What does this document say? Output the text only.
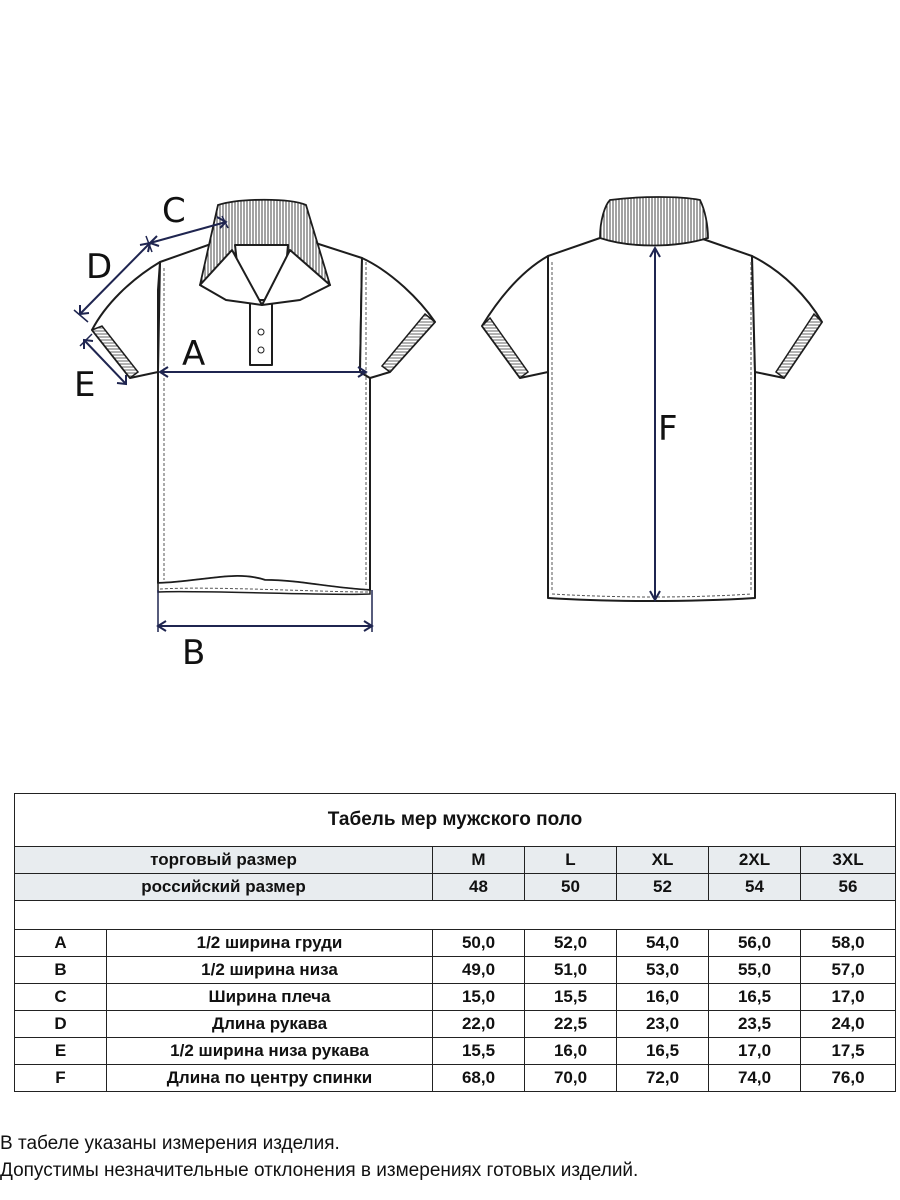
A
B
C
D
E
F
Табель мер мужского поло						
торговый размер		M	L	XL	2XL	3XL
российский размер		48	50	52	54	56

A	1/2 ширина груди	50,0	52,0	54,0	56,0	58,0
B	1/2 ширина низа	49,0	51,0	53,0	55,0	57,0
C	Ширина плеча	15,0	15,5	16,0	16,5	17,0
D	Длина рукава	22,0	22,5	23,0	23,5	24,0
E	1/2 ширина низа рукава	15,5	16,0	16,5	17,0	17,5
F	Длина по центру спинки	68,0	70,0	72,0	74,0	76,0
В табеле указаны измерения изделия.
Допустимы незначительные отклонения в измерениях готовых изделий.
